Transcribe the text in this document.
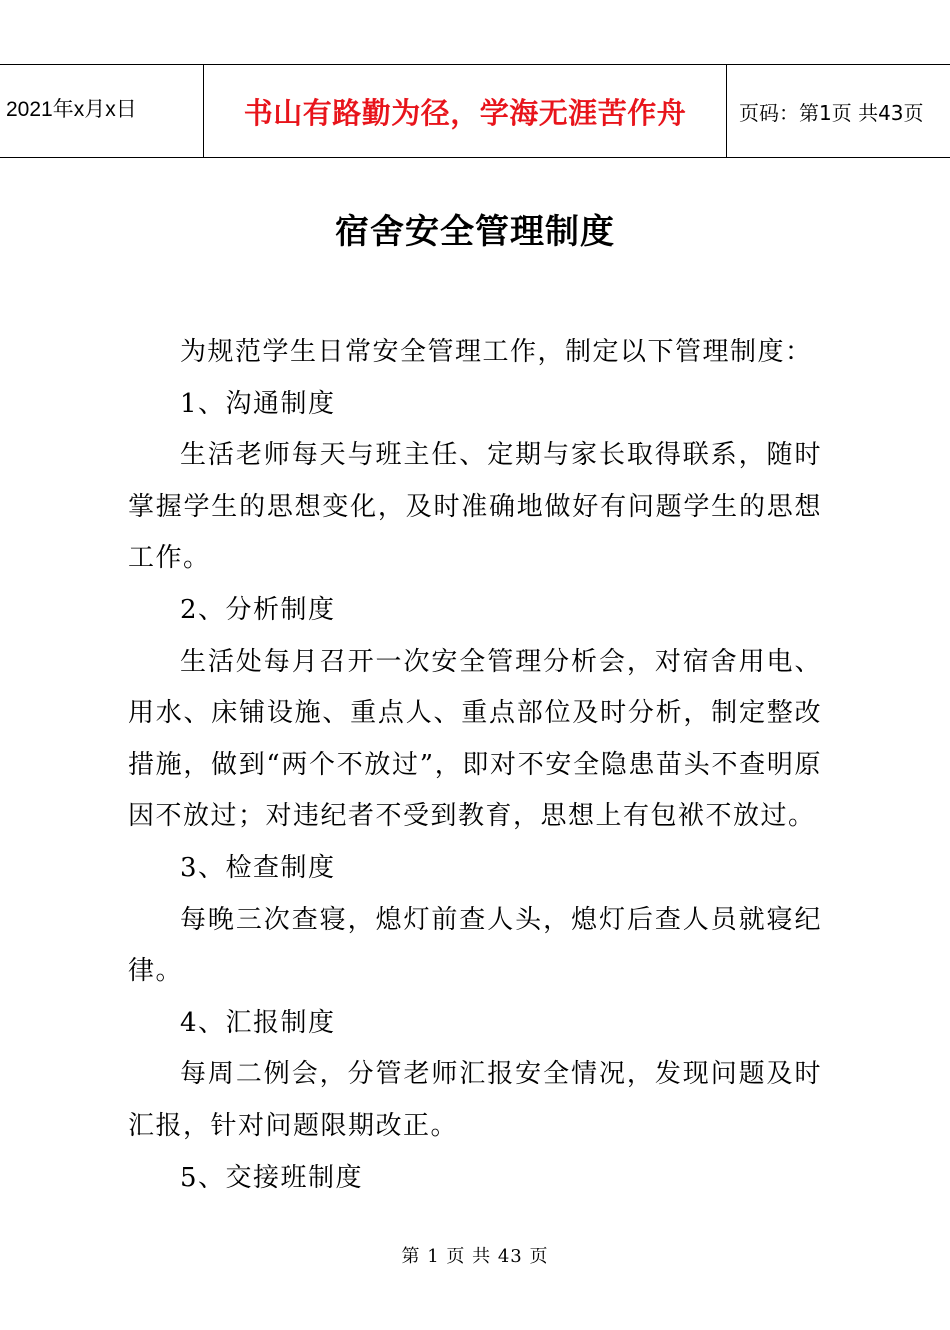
2021年x月x日	书山有路勤为径，学海无涯苦作舟	页码：第1页 共43页
宿舍安全管理制度

为规范学生日常安全管理工作，制定以下管理制度：

1、沟通制度

生活老师每天与班主任、定期与家长取得联系，随时掌握学生的思想变化，及时准确地做好有问题学生的思想工作。

2、分析制度

生活处每月召开一次安全管理分析会，对宿舍用电、用水、床铺设施、重点人、重点部位及时分析，制定整改措施，做到“两个不放过”，即对不安全隐患苗头不查明原因不放过；对违纪者不受到教育，思想上有包袱不放过。

3、检查制度

每晚三次查寝，熄灯前查人头，熄灯后查人员就寝纪律。

4、汇报制度

每周二例会，分管老师汇报安全情况，发现问题及时汇报，针对问题限期改正。

5、交接班制度

第 1 页 共 43 页
